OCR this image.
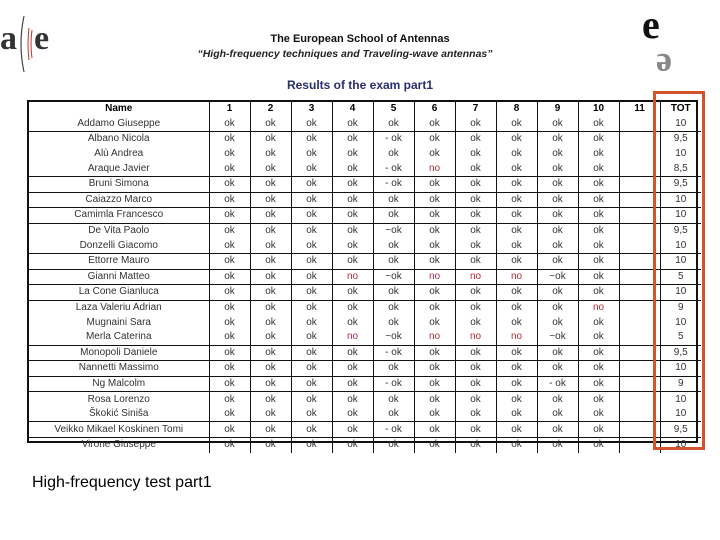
a e	e
e
The European School of Antennas
“High-frequency techniques and Traveling-wave antennas”
Results of the exam part1
Name	1	2	3	4	5	6	7	8	9	10	11	TOT
Addamo Giuseppe	ok	ok	ok	ok	ok	ok	ok	ok	ok	ok		10
Albano Nicola	ok	ok	ok	ok	- ok	ok	ok	ok	ok	ok		9,5
Alù Andrea	ok	ok	ok	ok	ok	ok	ok	ok	ok	ok		10
Araque Javier	ok	ok	ok	ok	- ok	no	ok	ok	ok	ok		8,5
Bruni Simona	ok	ok	ok	ok	- ok	ok	ok	ok	ok	ok		9,5
Caiazzo Marco	ok	ok	ok	ok	ok	ok	ok	ok	ok	ok		10
Camimla Francesco	ok	ok	ok	ok	ok	ok	ok	ok	ok	ok		10
De Vita Paolo	ok	ok	ok	ok	~ok	ok	ok	ok	ok	ok		9,5
Donzelli Giacomo	ok	ok	ok	ok	ok	ok	ok	ok	ok	ok		10
Ettorre Mauro	ok	ok	ok	ok	ok	ok	ok	ok	ok	ok		10
Gianni Matteo	ok	ok	ok	no	~ok	no	no	no	~ok	ok		5
La Cone Gianluca	ok	ok	ok	ok	ok	ok	ok	ok	ok	ok		10
Laza Valeriu Adrian	ok	ok	ok	ok	ok	ok	ok	ok	ok	no		9
Mugnaini Sara	ok	ok	ok	ok	ok	ok	ok	ok	ok	ok		10
Merla Caterina	ok	ok	ok	no	~ok	no	no	no	~ok	ok		5
Monopoli Daniele	ok	ok	ok	ok	- ok	ok	ok	ok	ok	ok		9,5
Nannetti Massimo	ok	ok	ok	ok	ok	ok	ok	ok	ok	ok		10
Ng Malcolm	ok	ok	ok	ok	- ok	ok	ok	ok	- ok	ok		9
Rosa Lorenzo	ok	ok	ok	ok	ok	ok	ok	ok	ok	ok		10
Škokić Siniša	ok	ok	ok	ok	ok	ok	ok	ok	ok	ok		10
Veikko Mikael Koskinen Tomi	ok	ok	ok	ok	- ok	ok	ok	ok	ok	ok		9,5
Virone Giuseppe	ok	ok	ok	ok	ok	ok	ok	ok	ok	ok		10
High-frequency test part1
